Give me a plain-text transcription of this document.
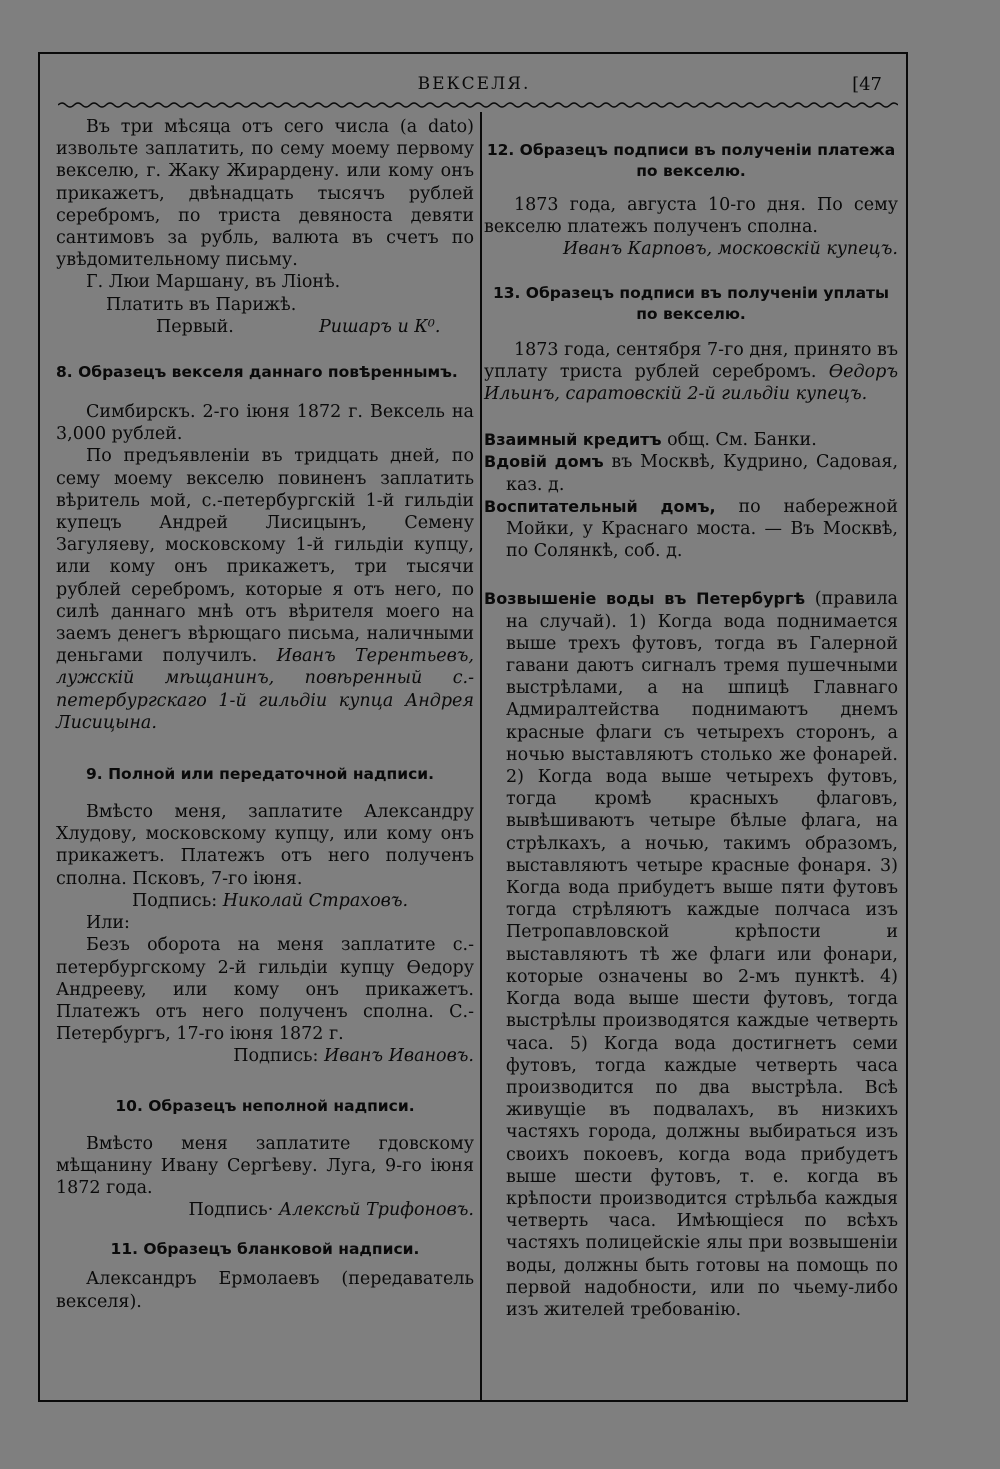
ВЕКСЕЛЯ.	[47

Въ три мѣсяца отъ сего числа (a dato) извольте заплатить, по сему моему первому векселю, г. Жаку Жирардену. или кому онъ прикажетъ, двѣнадцать тысячъ рублей серебромъ, по триста девяноста девяти сантимовъ за рубль, валюта въ счетъ по увѣдомительному письму.

Г. Люи Маршану, въ Ліонѣ.

Платить въ Парижѣ.

Первый.	Ришаръ и К⁰.

8. Образецъ векселя даннаго повѣреннымъ.

Симбирскъ. 2-го іюня 1872 г. Вексель на 3,000 рублей.

По предъявленіи въ тридцать дней, по сему моему векселю повиненъ заплатить вѣритель мой, с.-петербургскій 1-й гильдіи купецъ Андрей Лисицынъ, Семену Загуляеву, московскому 1-й гильдіи купцу, или кому онъ прикажетъ, три тысячи рублей серебромъ, которые я отъ него, по силѣ даннаго мнѣ отъ вѣрителя моего на заемъ денегъ вѣрющаго письма, наличными деньгами получилъ. Иванъ Терентьевъ, лужскій мѣщанинъ, повѣренный с.-петербургскаго 1-й гильдіи купца Андрея Лисицына.

9. Полной или передаточной надписи.

Вмѣсто меня, заплатите Александру Хлудову, московскому купцу, или кому онъ прикажетъ. Платежъ отъ него полученъ сполна. Псковъ, 7-го іюня.

Подпись: Николай Страховъ.

Или:

Безъ оборота на меня заплатите с.-петербургскому 2-й гильдіи купцу Ѳедору Андреевy, или кому онъ прикажетъ. Платежъ отъ него полученъ сполна. С.-Петербургъ, 17-го іюня 1872 г.

Подпись: Иванъ Ивановъ.

10. Образецъ неполной надписи.

Вмѣсто меня заплатите гдовскому мѣщанину Ивану Сергѣеву. Луга, 9-го іюня 1872 года.

Подпись· Алексѣй Трифоновъ.

11. Образецъ бланковой надписи.

Александръ Ермолаевъ (передаватель векселя).

12. Образецъ подписи въ полученіи платежа по векселю.

1873 года, августа 10-го дня. По сему векселю платежъ полученъ сполна.

Иванъ Карповъ, московскій купецъ.

13. Образецъ подписи въ полученіи уплаты по векселю.

1873 года, сентября 7-го дня, принято въ уплату триста рублей серебромъ. Ѳедоръ Ильинъ, саратовскій 2-й гильдіи купецъ.

Взаимный кредитъ общ. См. Банки.

Вдовій домъ въ Москвѣ, Кудрино, Садовая, каз. д.

Воспитательный домъ, по набережной Мойки, у Краснаго моста. — Въ Москвѣ, по Солянкѣ, соб. д.

Возвышеніе воды въ Петербургѣ (правила на случай). 1) Когда вода поднимается выше трехъ футовъ, тогда въ Галерной гавани даютъ сигналъ тремя пушечными выстрѣлами, а на шпицѣ Главнаго Адмиралтейства поднимаютъ днемъ красные флаги съ четырехъ сторонъ, а ночью выставляютъ столько же фонарей. 2) Когда вода выше четырехъ футовъ, тогда кромѣ красныхъ флаговъ, вывѣшиваютъ четыре бѣлые флага, на стрѣлкахъ, а ночью, такимъ образомъ, выставляютъ четыре красные фонаря. 3) Когда вода прибудетъ выше пяти футовъ тогда стрѣляютъ каждые полчаса изъ Петропавловской крѣпости и выставляютъ тѣ же флаги или фонари, которые означены во 2-мъ пунктѣ. 4) Когда вода выше шести футовъ, тогда выстрѣлы производятся каждые четверть часа. 5) Когда вода достигнетъ семи футовъ, тогда каждые четверть часа производится по два выстрѣла. Всѣ живущіе въ подвалахъ, въ низкихъ частяхъ города, должны выбираться изъ своихъ покоевъ, когда вода прибудетъ выше шести футовъ, т. е. когда въ крѣпости производится стрѣльба каждыя четверть часа. Имѣющіеся по всѣхъ частяхъ полицейскіе ялы при возвышеніи воды, должны быть готовы на помощь по первой надобности, или по чьему-либо изъ жителей требованію.
